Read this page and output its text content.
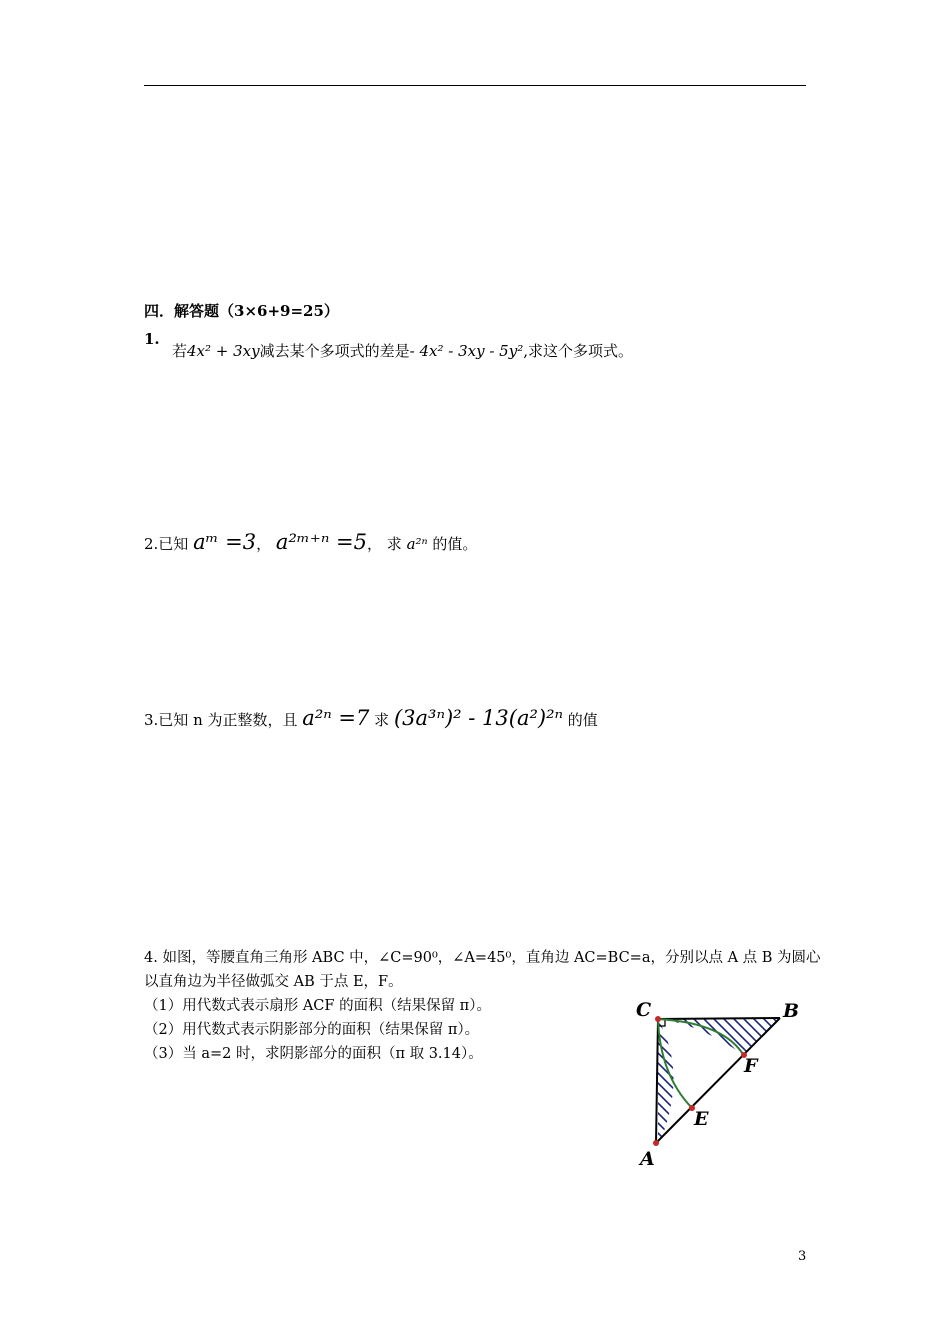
四．解答题（3×6+9=25）
1.
若4x² + 3xy减去某个多项式的差是- 4x² - 3xy - 5y²,求这个多项式。
2.已知 aᵐ =3， a²ᵐ⁺ⁿ =5， 求 a²ⁿ 的值。
3.已知 n 为正整数，且 a²ⁿ =7 求 (3a³ⁿ)² - 13(a²)²ⁿ 的值
4. 如图，等腰直角三角形 ABC 中，∠C=90⁰，∠A=45⁰，直角边 AC=BC=a，分别以点 A 点 B 为圆心
以直角边为半径做弧交 AB 于点 E，F。
（1）用代数式表示扇形 ACF 的面积（结果保留 π）。
（2）用代数式表示阴影部分的面积（结果保留 π）。
（3）当 a=2 时，求阴影部分的面积（π 取 3.14）。
C	B
F
E
A
3
